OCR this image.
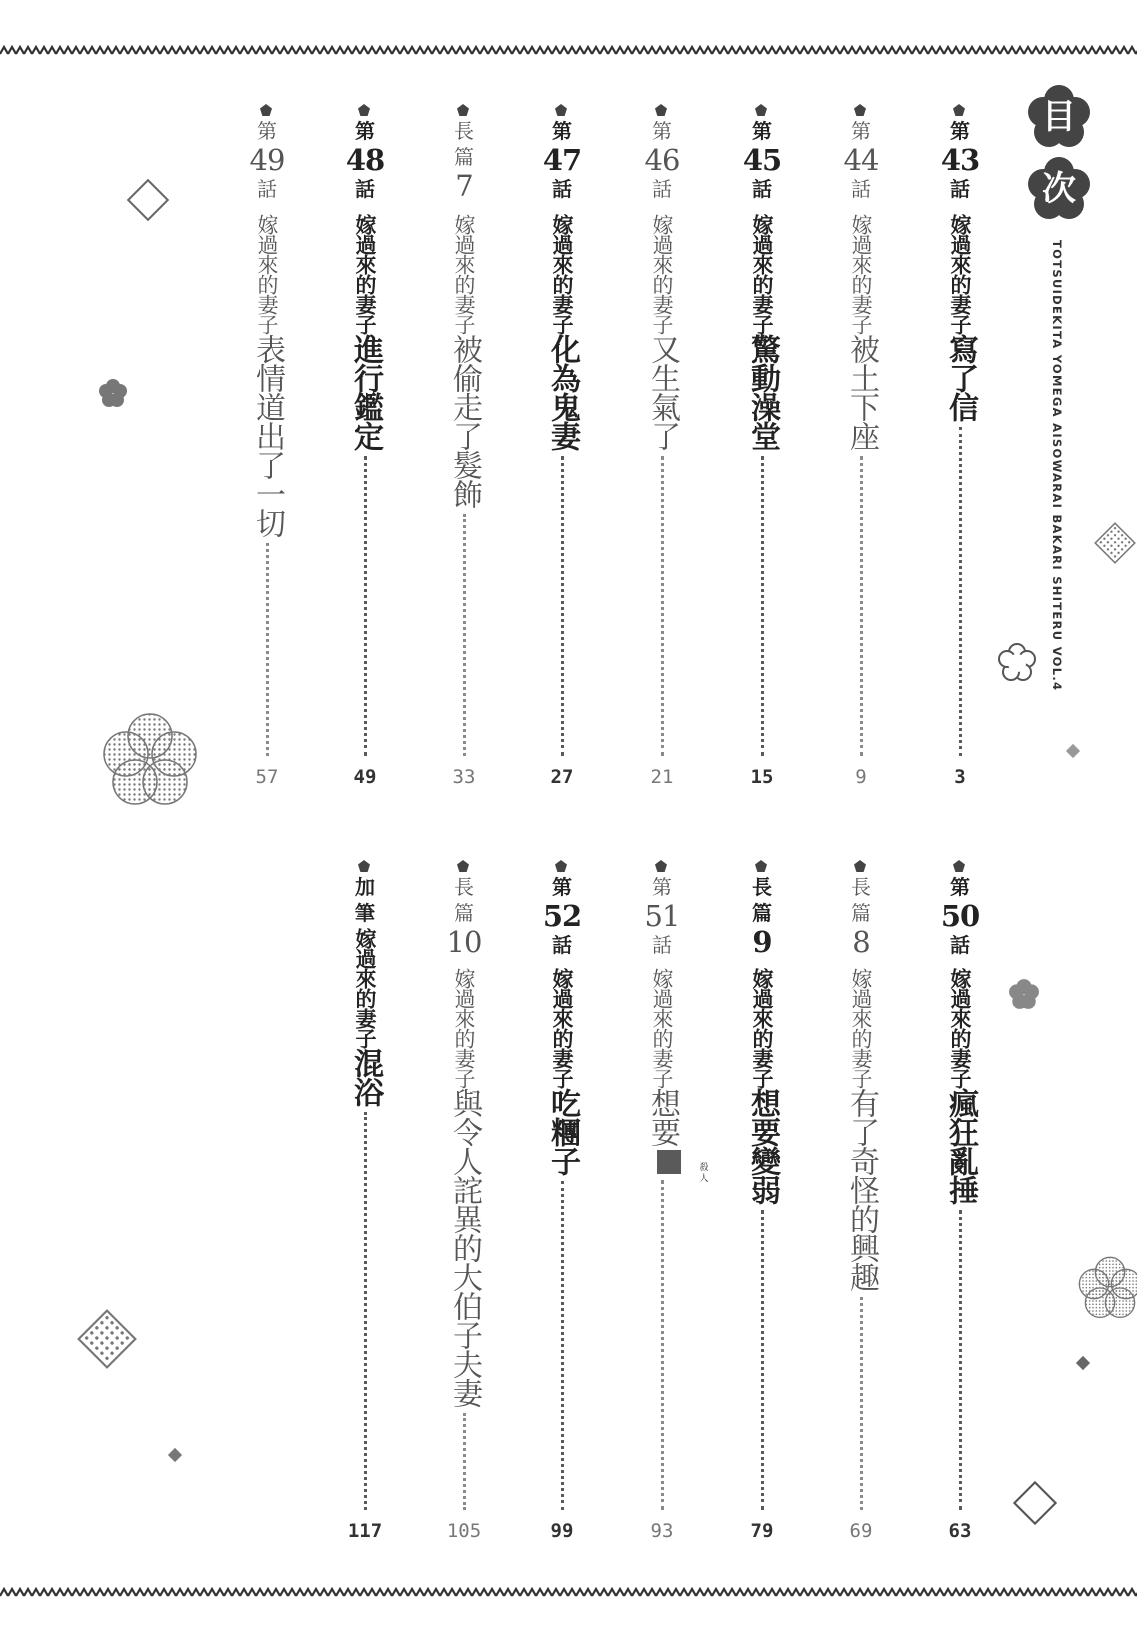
目
次
TOTSUIDEKITA YOMEGA AISOWARAI BAKARI SHITERU VOL.4
第
43
話
嫁過來的妻子
寫了信
3
第
44
話
嫁過來的妻子
被土下座
9
第
45
話
嫁過來的妻子
驚動澡堂
15
第
46
話
嫁過來的妻子
又生氣了
21
第
47
話
嫁過來的妻子
化為鬼妻
27
長
篇
7
嫁過來的妻子
被偷走了髮飾
33
第
48
話
嫁過來的妻子
進行鑑定
49
第
49
話
嫁過來的妻子
表情道出了一切
57
第
50
話
嫁過來的妻子
瘋狂亂捶
63
長
篇
8
嫁過來的妻子
有了奇怪的興趣
69
長
篇
9
嫁過來的妻子
想要變弱
79
第
51
話
嫁過來的妻子
想要
殺人
93
第
52
話
嫁過來的妻子
吃糰子
99
長
篇
10
嫁過來的妻子
與令人詫異的大伯子夫妻
105
加
筆
嫁過來的妻子
混浴
117
